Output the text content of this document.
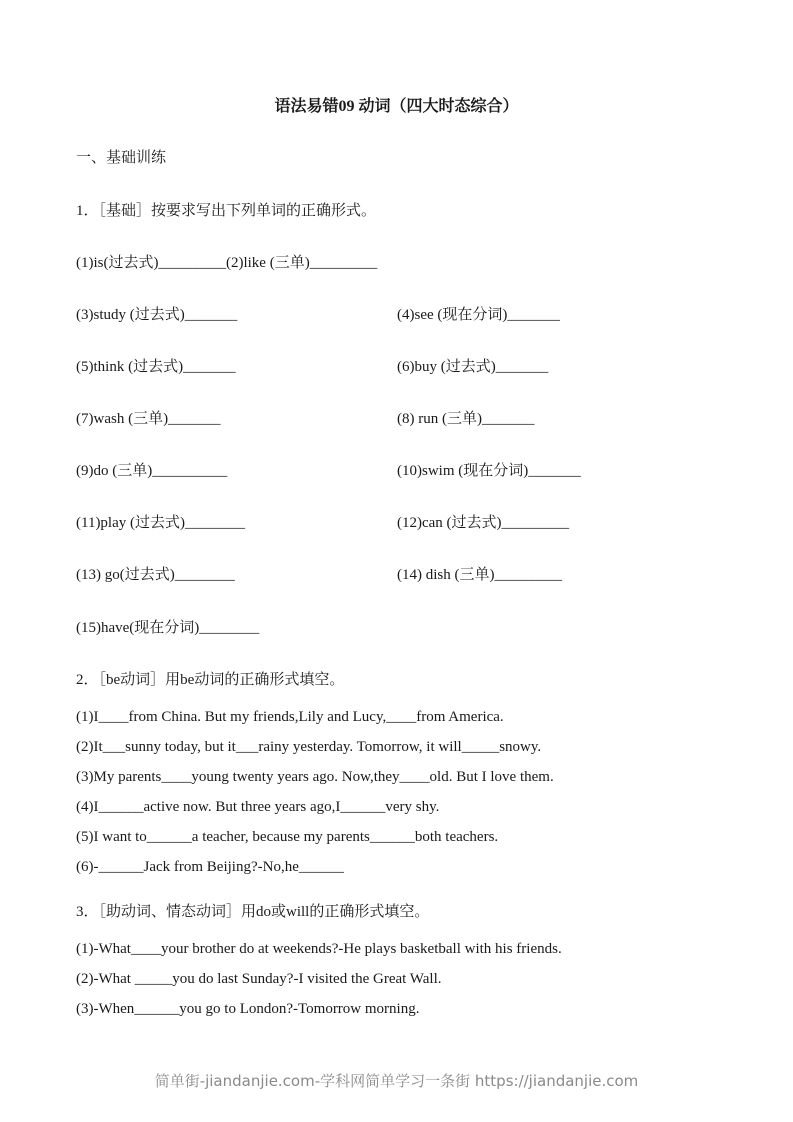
语法易错09 动词（四大时态综合）
一、基础训练
1．［基础］按要求写出下列单词的正确形式。
(1)is(过去式)_________(2)like (三单)_________
(3)study (过去式)_______	(4)see (现在分词)_______
(5)think (过去式)_______	(6)buy (过去式)_______
(7)wash (三单)_______	(8) run (三单)_______
(9)do (三单)__________	(10)swim (现在分词)_______
(11)play (过去式)________	(12)can (过去式)_________
(13) go(过去式)________	(14) dish (三单)_________
(15)have(现在分词)________
2．［be动词］用be动词的正确形式填空。
(1)I____from China. But my friends,Lily and Lucy,____from America.
(2)It___sunny today, but it___rainy yesterday. Tomorrow, it will_____snowy.
(3)My parents____young twenty years ago. Now,they____old. But I love them.
(4)I______active now. But three years ago,I______very shy.
(5)I want to______a teacher, because my parents______both teachers.
(6)-______Jack from Beijing?-No,he______
3．［助动词、情态动词］用do或will的正确形式填空。
(1)-What____your brother do at weekends?-He plays basketball with his friends.
(2)-What _____you do last Sunday?-I visited the Great Wall.
(3)-When______you go to London?-Tomorrow morning.
简单街-jiandanjie.com-学科网简单学习一条街 https://jiandanjie.com
